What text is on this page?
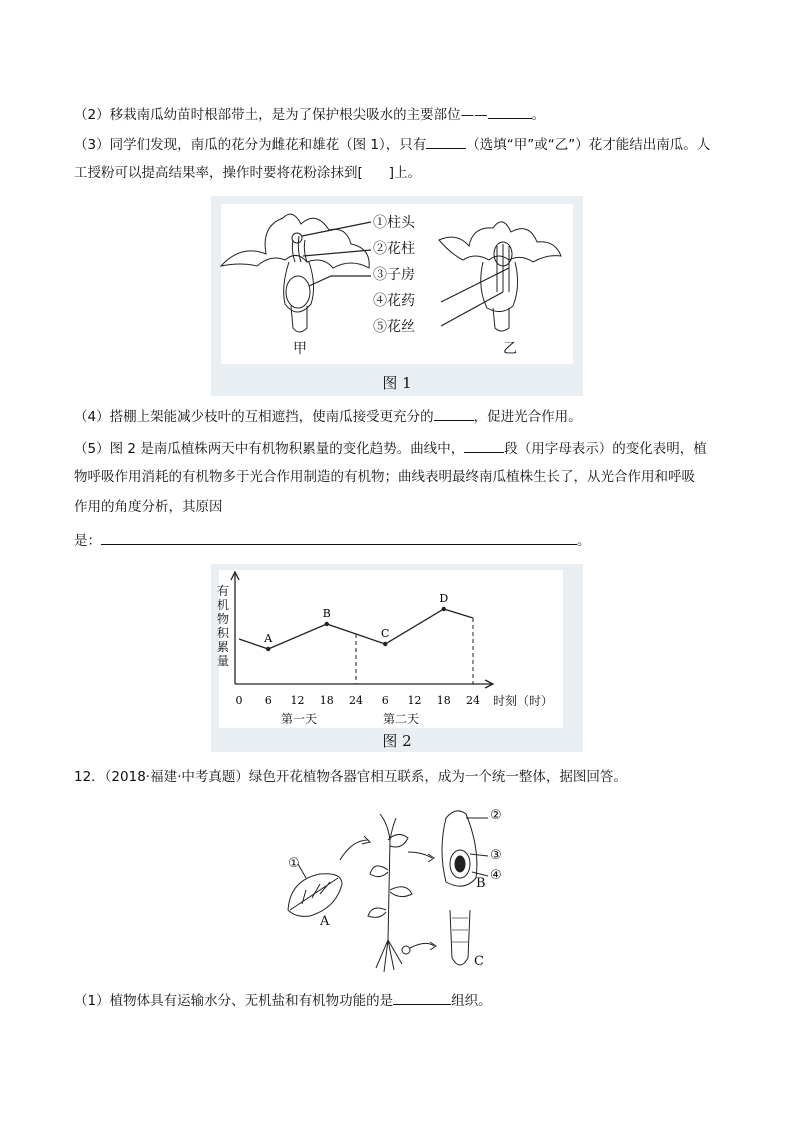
（2）移栽南瓜幼苗时根部带土，是为了保护根尖吸水的主要部位——	。
（3）同学们发现，南瓜的花分为雌花和雄花（图 1），只有	（选填“甲”或“乙”）花才能结出南瓜。人
工授粉可以提高结果率，操作时要将花粉涂抹到[ ]上。
①柱头
②花柱
③子房
④花药
⑤花丝
甲	乙
图 1
（4）搭棚上架能减少枝叶的互相遮挡，使南瓜接受更充分的	，促进光合作用。
（5）图 2 是南瓜植株两天中有机物积累量的变化趋势。曲线中，	段（用字母表示）的变化表明，植
物呼吸作用消耗的有机物多于光合作用制造的有机物；曲线表明最终南瓜植株生长了，从光合作用和呼吸
作用的角度分析，其原因
是：	。
0 6 12 18 24 6 12 18 24
A
B
C
D
有机物积累量
时刻（时）
第一天	第二天
图 2
12．（2018·福建·中考真题）绿色开花植物各器官相互联系，成为一个统一整体，据图回答。
①
A
②
③
B
④
C
（1）植物体具有运输水分、无机盐和有机物功能的是	组织。
